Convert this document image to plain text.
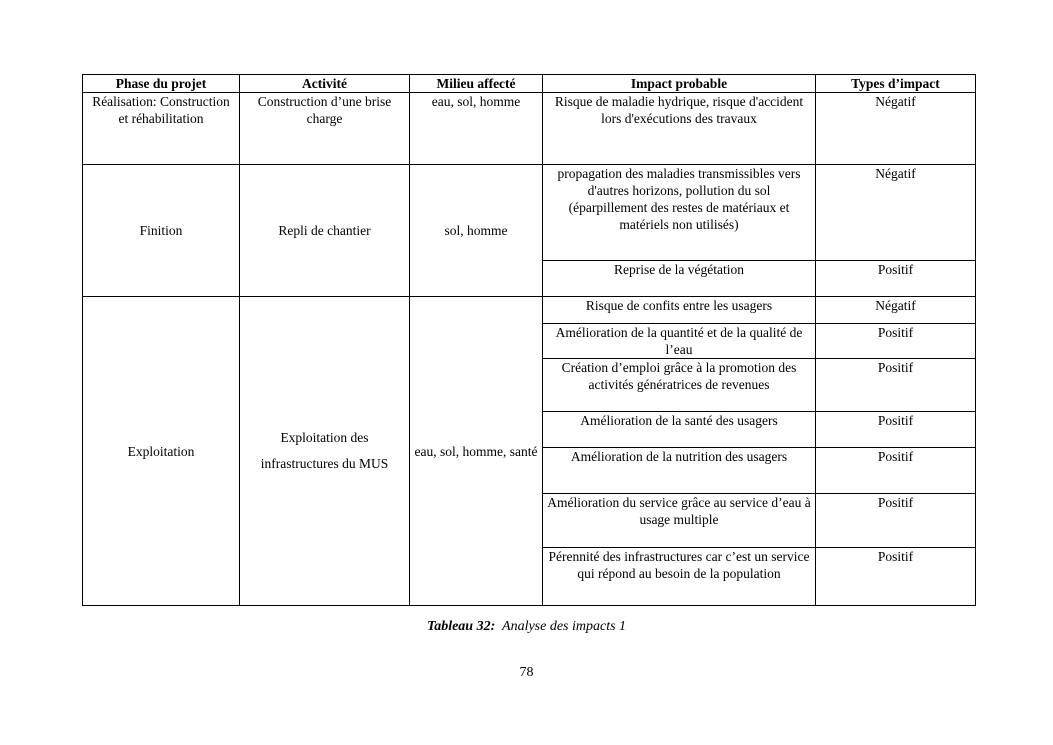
Phase du projet	Activité	Milieu affecté	Impact probable	Types d’impact
Réalisation: Construction et réhabilitation	Construction d’une brise charge	eau, sol, homme	Risque de maladie hydrique, risque d'accident lors d'exécutions des travaux	Négatif
Finition	Repli de chantier	sol, homme	propagation des maladies transmissibles vers d'autres horizons, pollution du sol (éparpillement des restes de matériaux et matériels non utilisés)	Négatif
			Reprise de la végétation	Positif
Exploitation	Exploitation des infrastructures du MUS	eau, sol, homme, santé	Risque de confits entre les usagers	Négatif
			Amélioration de la quantité et de la qualité de l’eau	Positif
			Création d’emploi grâce à la promotion des activités génératrices de revenues	Positif
			Amélioration de la santé des usagers	Positif
			Amélioration de la nutrition des usagers	Positif
			Amélioration du service grâce au service d’eau à usage multiple	Positif
			Pérennité des infrastructures car c’est un service qui répond au besoin de la population	Positif
Tableau 32: Analyse des impacts 1
78
